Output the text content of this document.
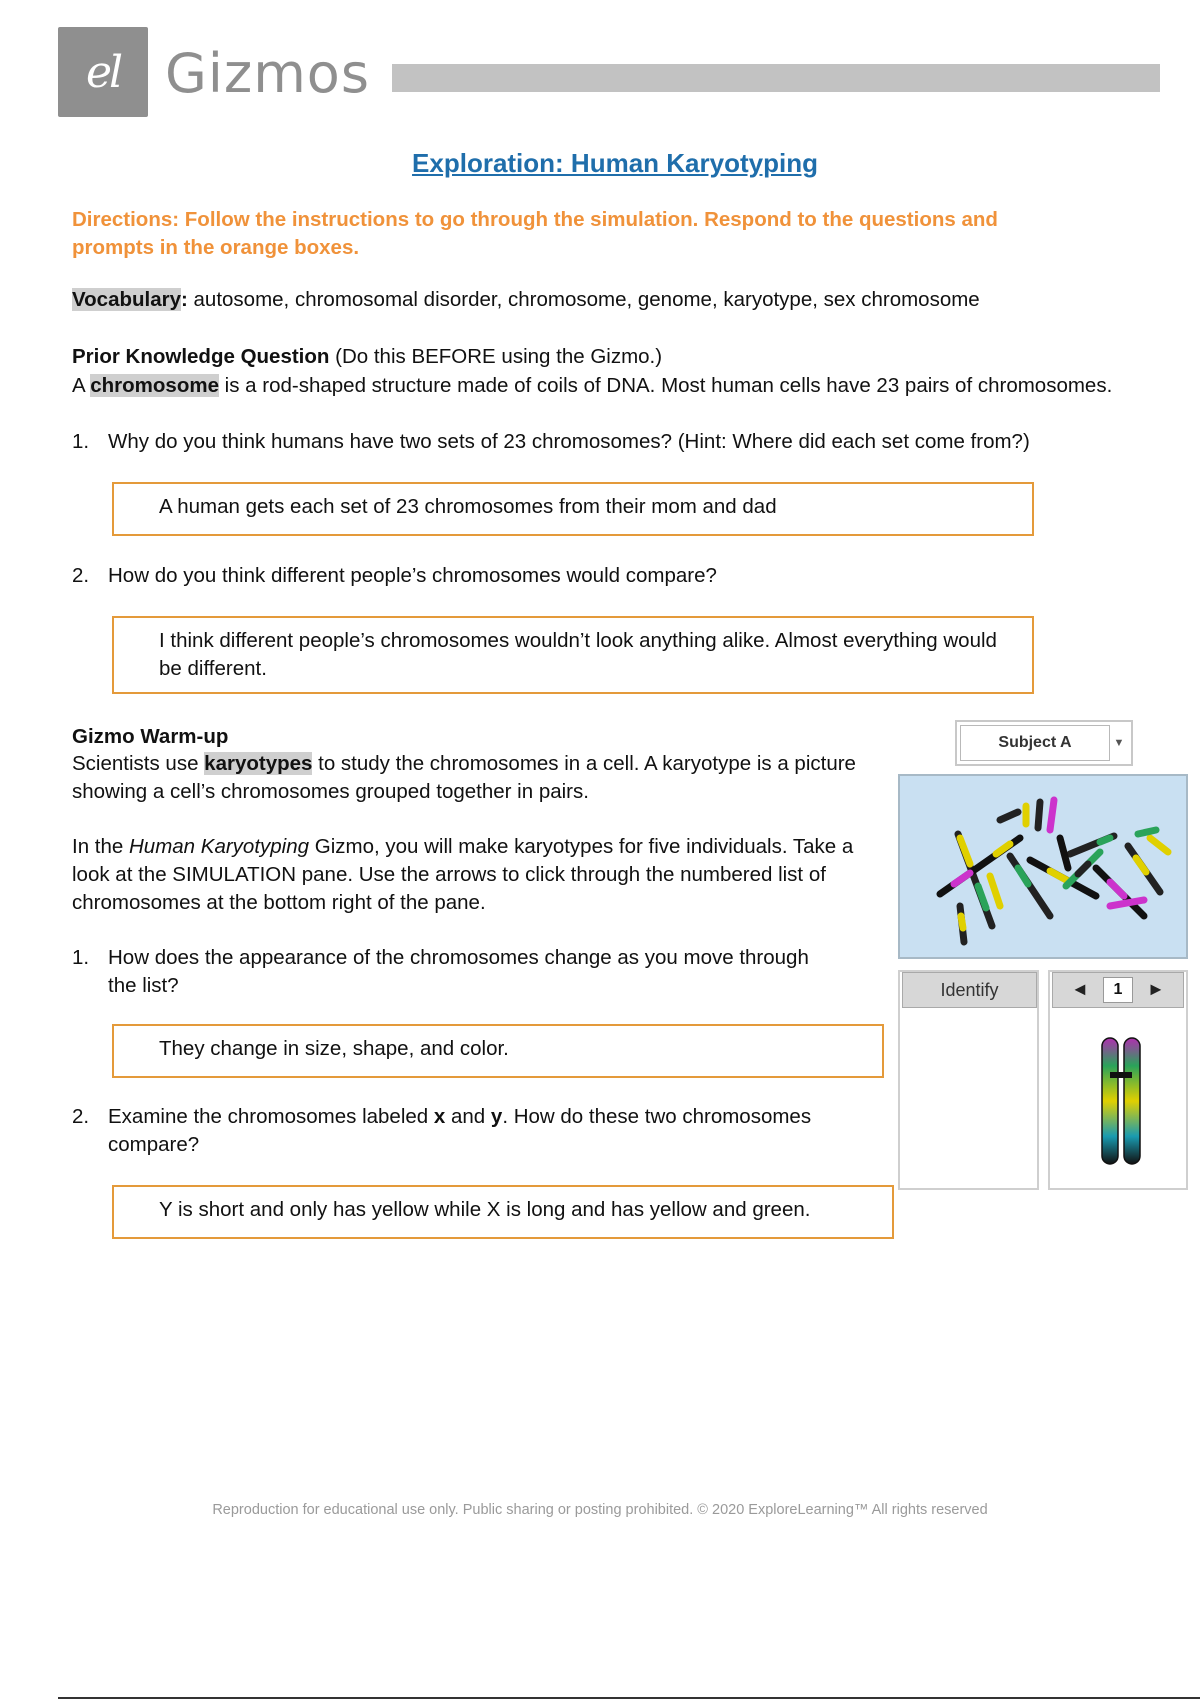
el Gizmos
Exploration: Human Karyotyping
Directions: Follow the instructions to go through the simulation. Respond to the questions and prompts in the orange boxes.
Vocabulary: autosome, chromosomal disorder, chromosome, genome, karyotype, sex chromosome
Prior Knowledge Question (Do this BEFORE using the Gizmo.)
A chromosome is a rod-shaped structure made of coils of DNA. Most human cells have 23 pairs of chromosomes.
1. Why do you think humans have two sets of 23 chromosomes? (Hint: Where did each set come from?)
A human gets each set of 23 chromosomes from their mom and dad
2. How do you think different people’s chromosomes would compare?
I think different people’s chromosomes wouldn’t look anything alike. Almost everything would be different.
Gizmo Warm-up
Scientists use karyotypes to study the chromosomes in a cell. A karyotype is a picture showing a cell’s chromosomes grouped together in pairs.
In the Human Karyotyping Gizmo, you will make karyotypes for five individuals. Take a look at the SIMULATION pane. Use the arrows to click through the numbered list of chromosomes at the bottom right of the pane.
1. How does the appearance of the chromosomes change as you move through the list?
They change in size, shape, and color.
2. Examine the chromosomes labeled x and y. How do these two chromosomes compare?
Y is short and only has yellow while X is long and has yellow and green.
Subject A	▼
Identify	◄	1	►
Reproduction for educational use only. Public sharing or posting prohibited. © 2020 ExploreLearning™ All rights reserved
